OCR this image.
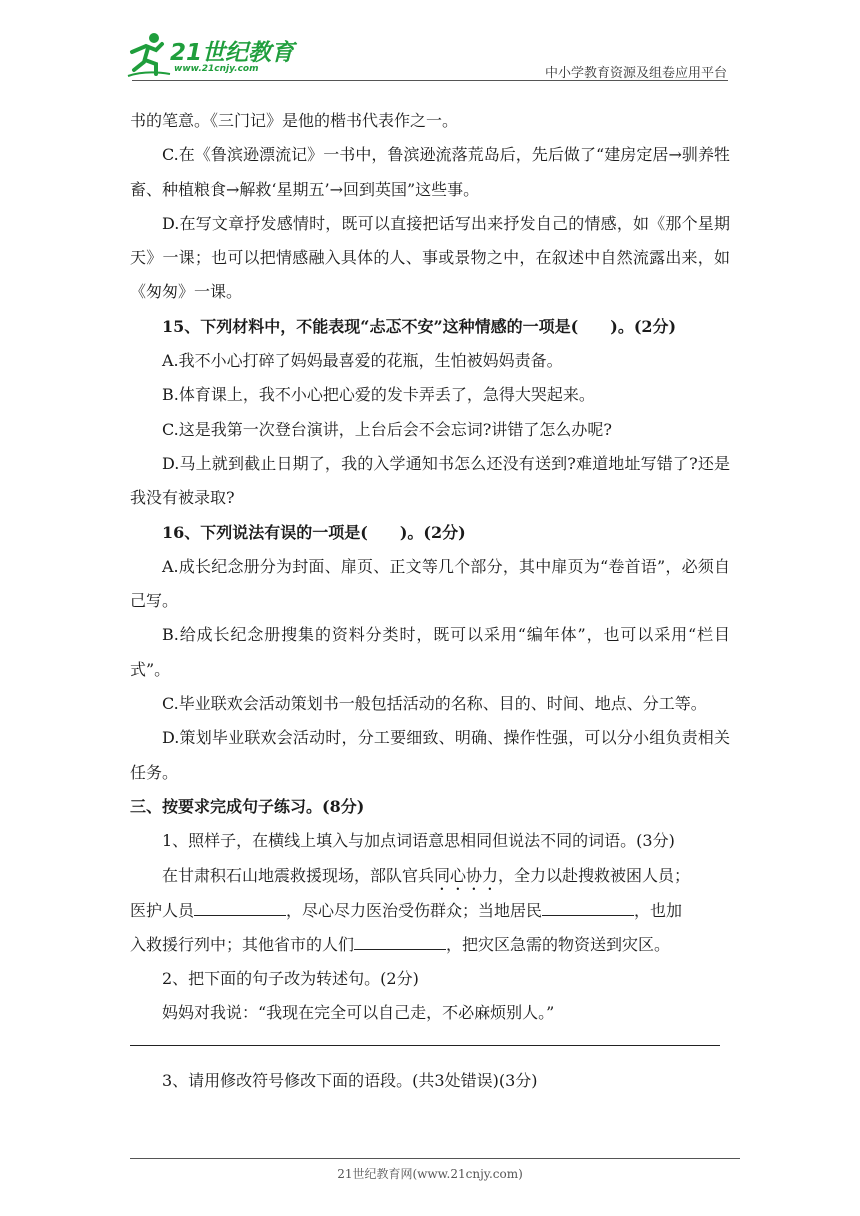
21世纪教育
www.21cnjy.com	中小学教育资源及组卷应用平台

书的笔意。《三门记》是他的楷书代表作之一。

C.在《鲁滨逊漂流记》一书中，鲁滨逊流落荒岛后，先后做了“建房定居→驯养牲畜、种植粮食→解救‘星期五’→回到英国”这些事。

D.在写文章抒发感情时，既可以直接把话写出来抒发自己的情感，如《那个星期天》一课；也可以把情感融入具体的人、事或景物之中，在叙述中自然流露出来，如《匆匆》一课。

15、下列材料中，不能表现“忐忑不安”这种情感的一项是(　　)。(2分)

A.我不小心打碎了妈妈最喜爱的花瓶，生怕被妈妈责备。

B.体育课上，我不小心把心爱的发卡弄丢了，急得大哭起来。

C.这是我第一次登台演讲，上台后会不会忘词?讲错了怎么办呢?

D.马上就到截止日期了，我的入学通知书怎么还没有送到?难道地址写错了?还是我没有被录取?

16、下列说法有误的一项是(　　)。(2分)

A.成长纪念册分为封面、扉页、正文等几个部分，其中扉页为“卷首语”，必须自己写。

B.给成长纪念册搜集的资料分类时，既可以采用“编年体”，也可以采用“栏目式”。

C.毕业联欢会活动策划书一般包括活动的名称、目的、时间、地点、分工等。

D.策划毕业联欢会活动时，分工要细致、明确、操作性强，可以分小组负责相关任务。

三、按要求完成句子练习。(8分)

1、照样子，在横线上填入与加点词语意思相同但说法不同的词语。(3分)

在甘肃积石山地震救援现场，部队官兵同心协力，全力以赴搜救被困人员；

医护人员	，尽心尽力医治受伤群众；当地居民	，也加

入救援行列中；其他省市的人们	，把灾区急需的物资送到灾区。

2、把下面的句子改为转述句。(2分)

妈妈对我说：“我现在完全可以自己走，不必麻烦别人。”

3、请用修改符号修改下面的语段。(共3处错误)(3分)

21世纪教育网(www.21cnjy.com)
